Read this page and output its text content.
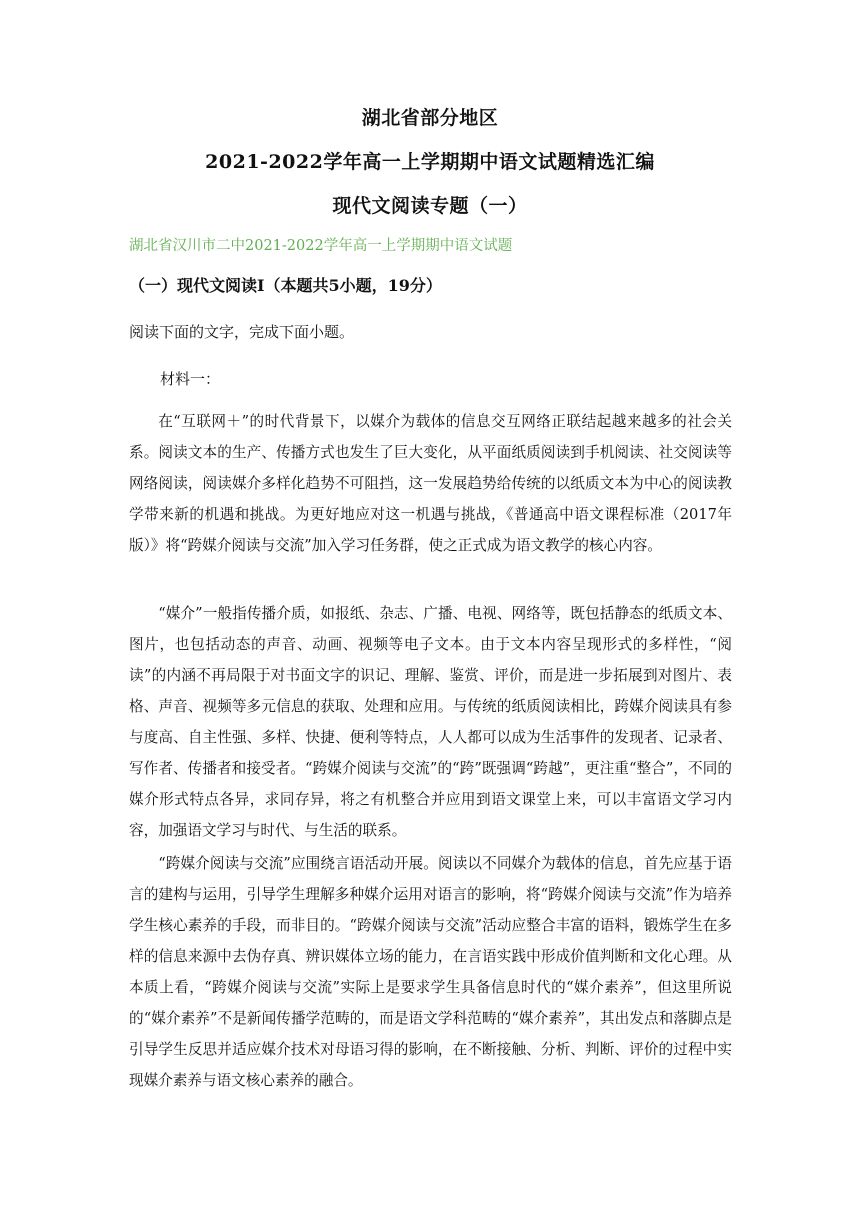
湖北省部分地区
2021-2022学年高一上学期期中语文试题精选汇编
现代文阅读专题（一）
湖北省汉川市二中2021-2022学年高一上学期期中语文试题
（一）现代文阅读Ⅰ（本题共5小题，19分）
阅读下面的文字，完成下面小题。
材料一：

在“互联网＋”的时代背景下，以媒介为载体的信息交互网络正联结起越来越多的社会关系。阅读文本的生产、传播方式也发生了巨大变化，从平面纸质阅读到手机阅读、社交阅读等网络阅读，阅读媒介多样化趋势不可阻挡，这一发展趋势给传统的以纸质文本为中心的阅读教学带来新的机遇和挑战。为更好地应对这一机遇与挑战，《普通高中语文课程标准（2017年版）》将“跨媒介阅读与交流”加入学习任务群，使之正式成为语文教学的核心内容。

“媒介”一般指传播介质，如报纸、杂志、广播、电视、网络等，既包括静态的纸质文本、图片，也包括动态的声音、动画、视频等电子文本。由于文本内容呈现形式的多样性，“阅读”的内涵不再局限于对书面文字的识记、理解、鉴赏、评价，而是进一步拓展到对图片、表格、声音、视频等多元信息的获取、处理和应用。与传统的纸质阅读相比，跨媒介阅读具有参与度高、自主性强、多样、快捷、便利等特点，人人都可以成为生活事件的发现者、记录者、写作者、传播者和接受者。“跨媒介阅读与交流”的“跨”既强调“跨越”，更注重“整合”，不同的媒介形式特点各异，求同存异，将之有机整合并应用到语文课堂上来，可以丰富语文学习内容，加强语文学习与时代、与生活的联系。

“跨媒介阅读与交流”应围绕言语活动开展。阅读以不同媒介为载体的信息，首先应基于语言的建构与运用，引导学生理解多种媒介运用对语言的影响，将“跨媒介阅读与交流”作为培养学生核心素养的手段，而非目的。“跨媒介阅读与交流”活动应整合丰富的语料，锻炼学生在多样的信息来源中去伪存真、辨识媒体立场的能力，在言语实践中形成价值判断和文化心理。从本质上看，“跨媒介阅读与交流”实际上是要求学生具备信息时代的“媒介素养”，但这里所说的“媒介素养”不是新闻传播学范畴的，而是语文学科范畴的“媒介素养”，其出发点和落脚点是引导学生反思并适应媒介技术对母语习得的影响，在不断接触、分析、判断、评价的过程中实现媒介素养与语文核心素养的融合。
